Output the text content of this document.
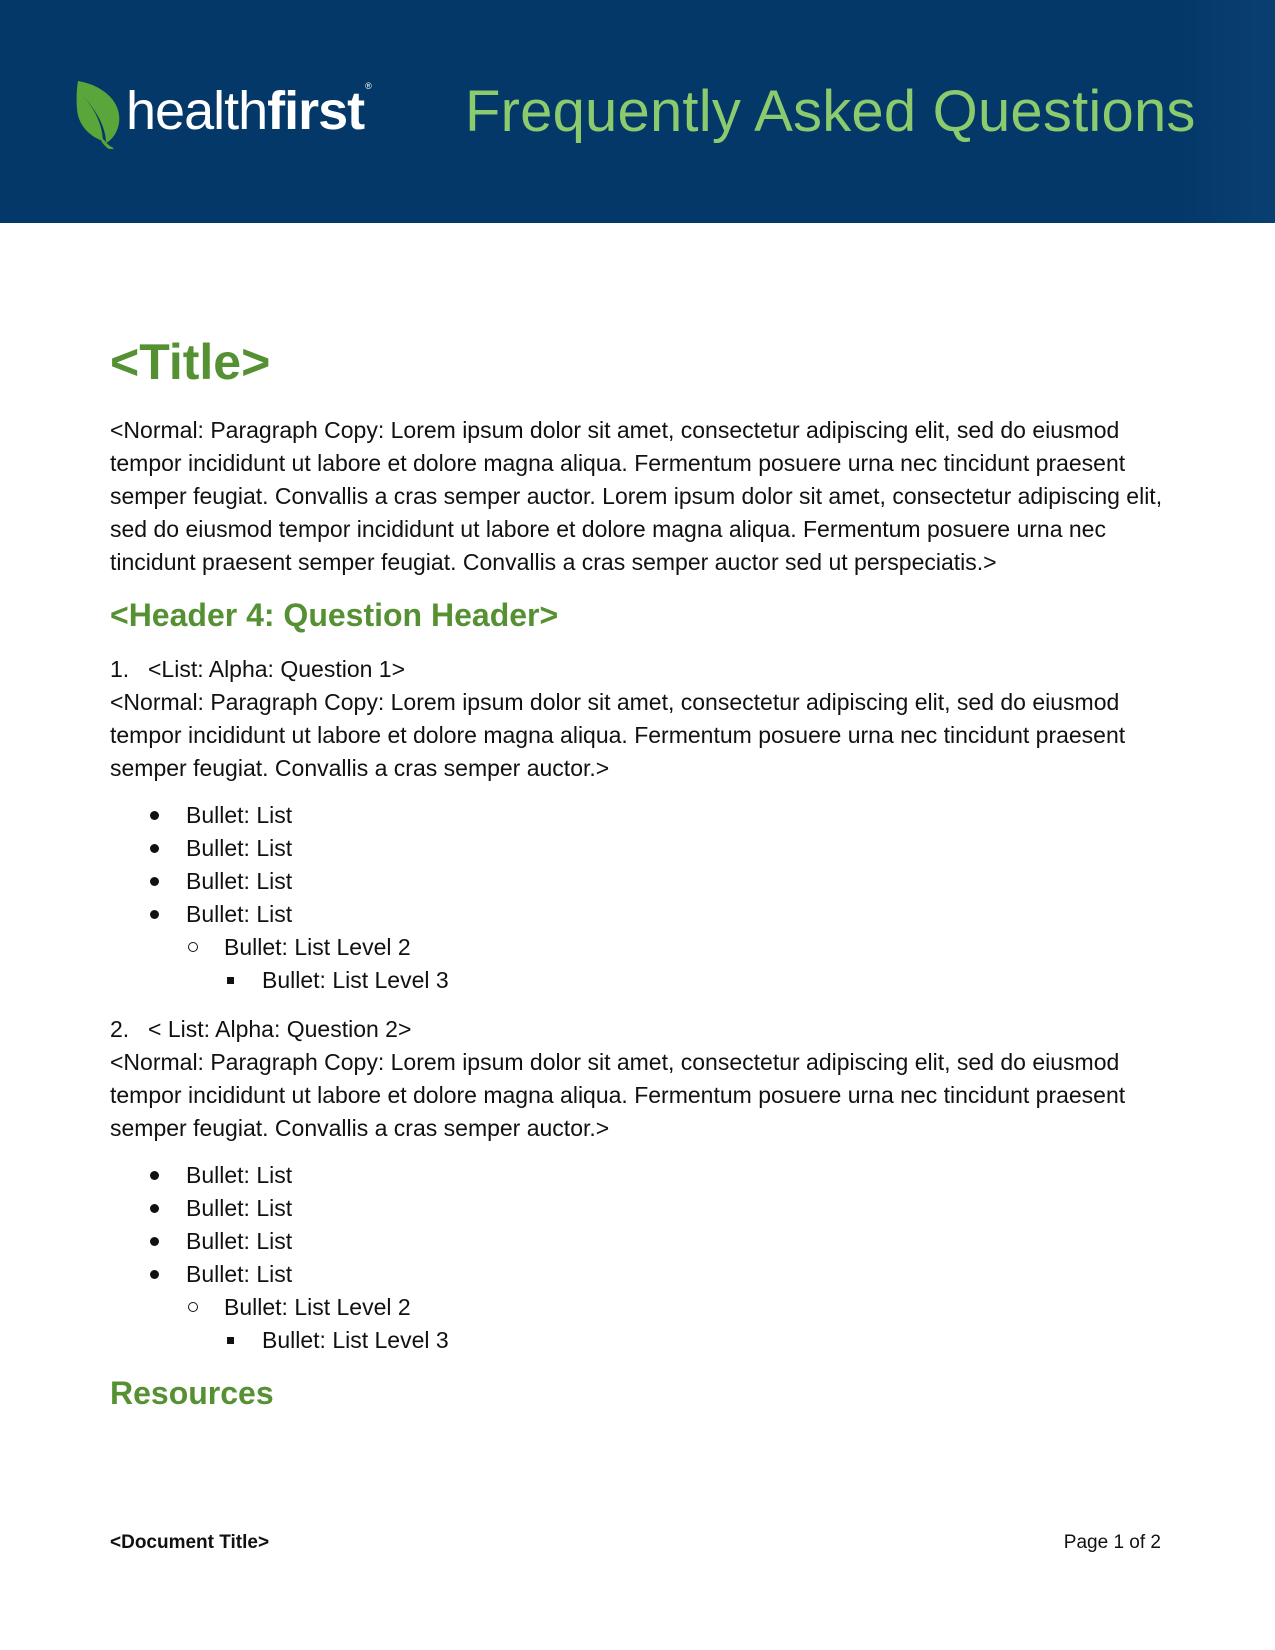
healthfirst® Frequently Asked Questions
<Title>

<Normal: Paragraph Copy: Lorem ipsum dolor sit amet, consectetur adipiscing elit, sed do eiusmod tempor incididunt ut labore et dolore magna aliqua. Fermentum posuere urna nec tincidunt praesent semper feugiat. Convallis a cras semper auctor. Lorem ipsum dolor sit amet, consectetur adipiscing elit, sed do eiusmod tempor incididunt ut labore et dolore magna aliqua. Fermentum posuere urna nec tincidunt praesent semper feugiat. Convallis a cras semper auctor sed ut perspeciatis.>

<Header 4: Question Header>
1. <List: Alpha: Question 1>

<Normal: Paragraph Copy: Lorem ipsum dolor sit amet, consectetur adipiscing elit, sed do eiusmod tempor incididunt ut labore et dolore magna aliqua. Fermentum posuere urna nec tincidunt praesent semper feugiat. Convallis a cras semper auctor.>

Bullet: List
Bullet: List
Bullet: List
Bullet: List
Bullet: List Level 2
Bullet: List Level 3
2. < List: Alpha: Question 2>

<Normal: Paragraph Copy: Lorem ipsum dolor sit amet, consectetur adipiscing elit, sed do eiusmod tempor incididunt ut labore et dolore magna aliqua. Fermentum posuere urna nec tincidunt praesent semper feugiat. Convallis a cras semper auctor.>

Bullet: List
Bullet: List
Bullet: List
Bullet: List
Bullet: List Level 2
Bullet: List Level 3
Resources
<Document Title>	Page 1 of 2
